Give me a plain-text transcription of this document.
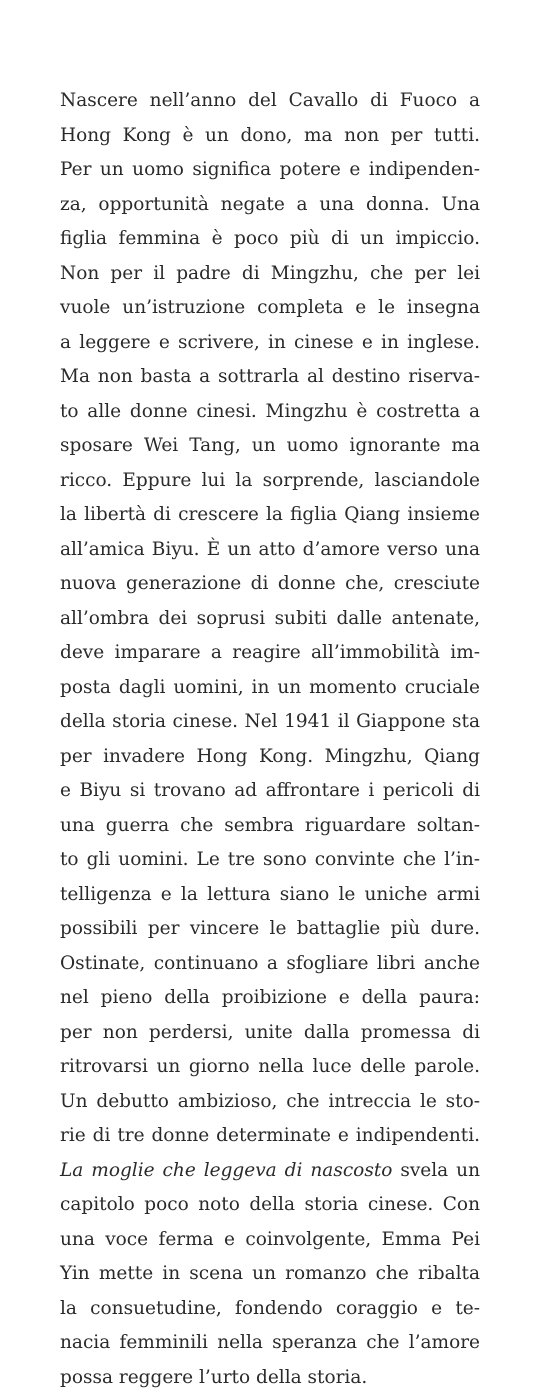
Nascere nell’anno del Cavallo di Fuoco a
Hong Kong è un dono, ma non per tutti.
Per un uomo significa potere e indipenden-
za, opportunità negate a una donna. Una
figlia femmina è poco più di un impiccio.
Non per il padre di Mingzhu, che per lei
vuole un’istruzione completa e le insegna
a leggere e scrivere, in cinese e in inglese.
Ma non basta a sottrarla al destino riserva-
to alle donne cinesi. Mingzhu è costretta a
sposare Wei Tang, un uomo ignorante ma
ricco. Eppure lui la sorprende, lasciandole
la libertà di crescere la figlia Qiang insieme
all’amica Biyu. È un atto d’amore verso una
nuova generazione di donne che, cresciute
all’ombra dei soprusi subiti dalle antenate,
deve imparare a reagire all’immobilità im-
posta dagli uomini, in un momento cruciale
della storia cinese. Nel 1941 il Giappone sta
per invadere Hong Kong. Mingzhu, Qiang
e Biyu si trovano ad affrontare i pericoli di
una guerra che sembra riguardare soltan-
to gli uomini. Le tre sono convinte che l’in-
telligenza e la lettura siano le uniche armi
possibili per vincere le battaglie più dure.
Ostinate, continuano a sfogliare libri anche
nel pieno della proibizione e della paura:
per non perdersi, unite dalla promessa di
ritrovarsi un giorno nella luce delle parole.
Un debutto ambizioso, che intreccia le sto-
rie di tre donne determinate e indipendenti.
La moglie che leggeva di nascosto svela un
capitolo poco noto della storia cinese. Con
una voce ferma e coinvolgente, Emma Pei
Yin mette in scena un romanzo che ribalta
la consuetudine, fondendo coraggio e te-
nacia femminili nella speranza che l’amore
possa reggere l’urto della storia.
